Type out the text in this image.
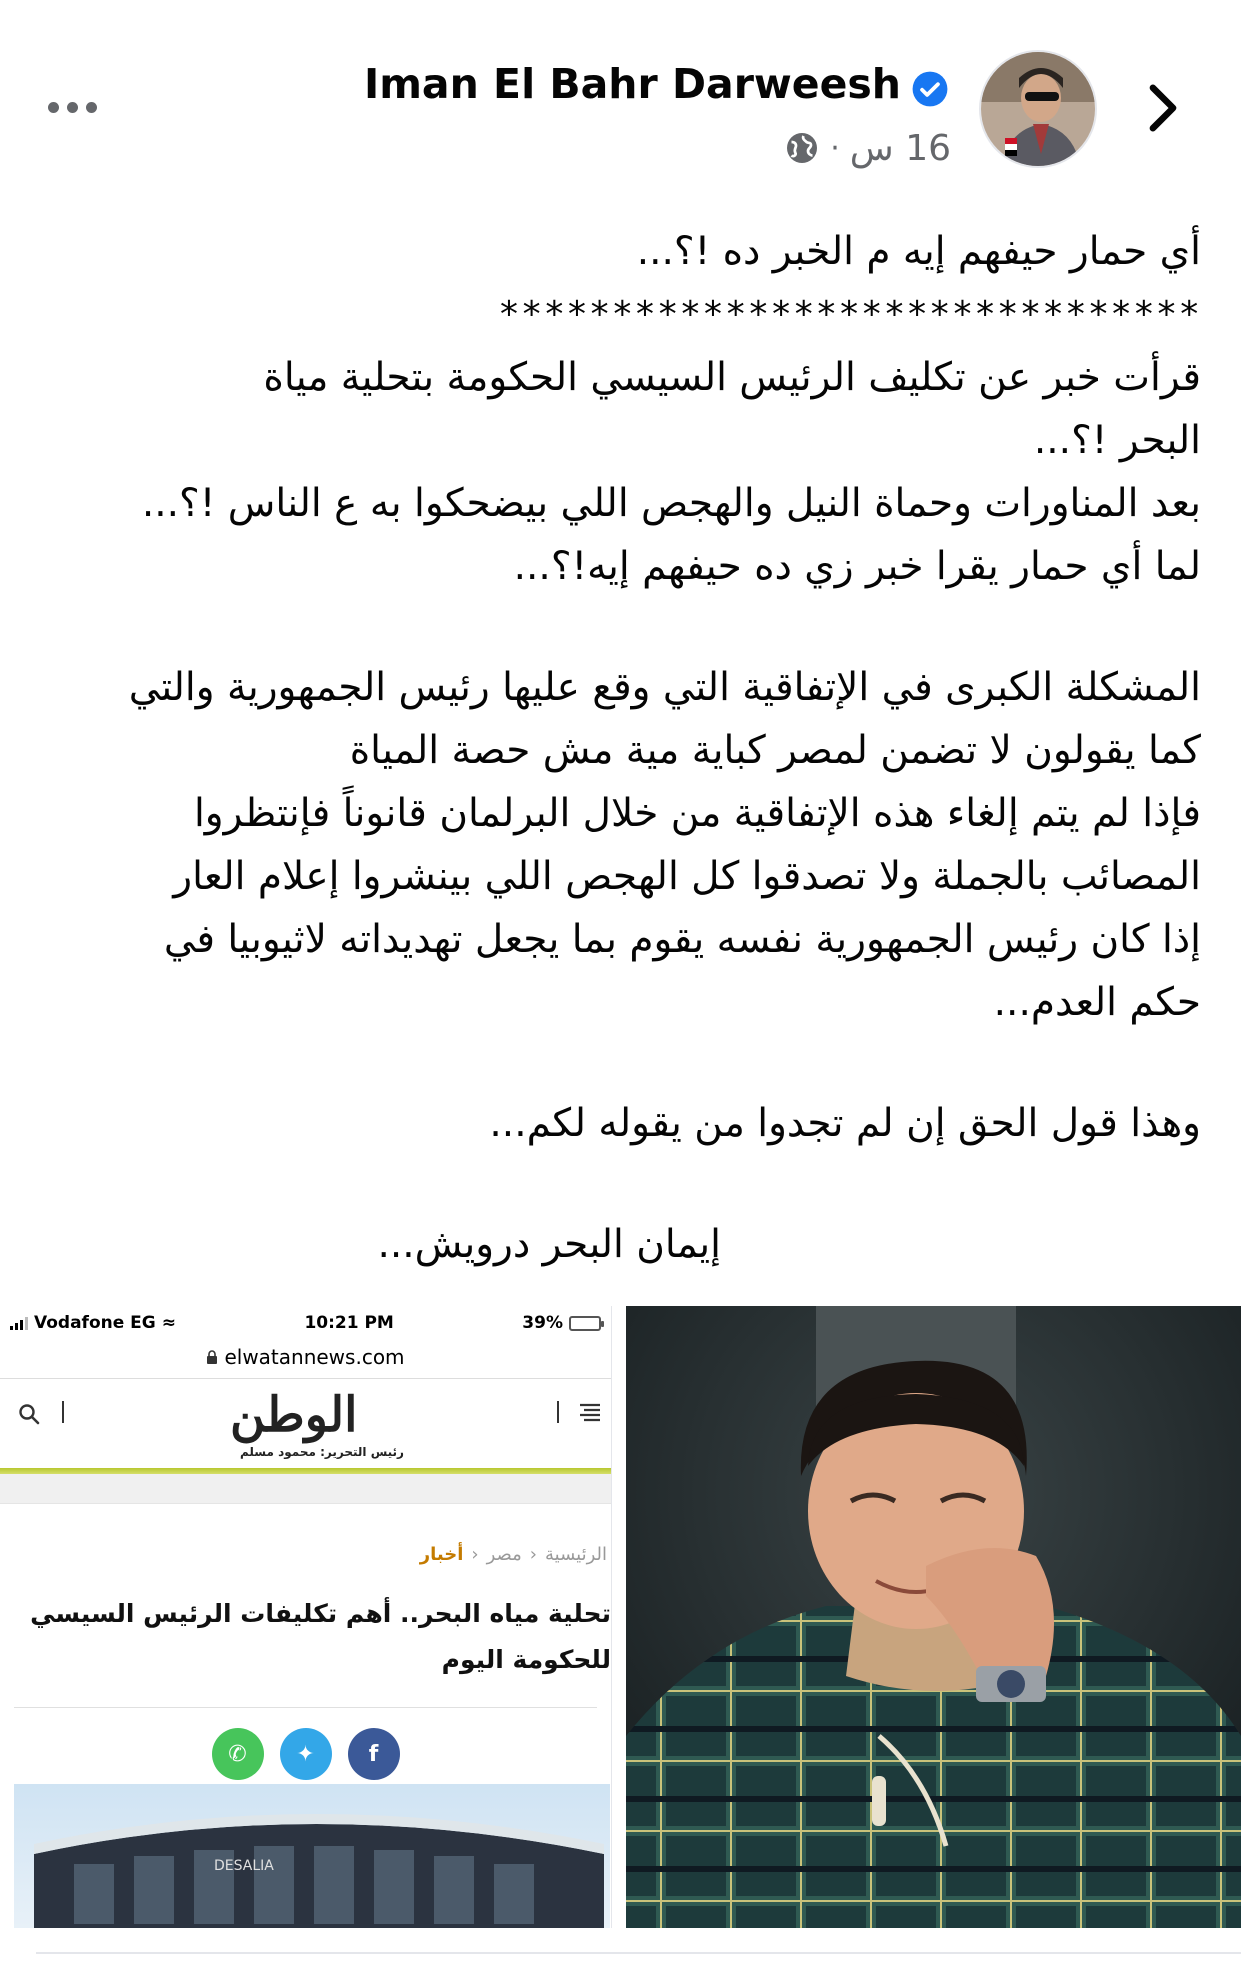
Iman El Bahr Darweesh
· 16 س

أي حمار حيفهم إيه م الخبر ده !؟...

*******************************

قرأت خبر عن تكليف الرئيس السيسي الحكومة بتحلية مياة

البحر !؟...

بعد المناورات وحماة النيل والهجص اللي بيضحكوا به ع الناس !؟...

لما أي حمار يقرا خبر زي ده حيفهم إيه!؟...

المشكلة الكبرى في الإتفاقية التي وقع عليها رئيس الجمهورية والتي

كما يقولون لا تضمن لمصر كباية مية مش حصة المياة

فإذا لم يتم إلغاء هذه الإتفاقية من خلال البرلمان قانوناً فإنتظروا

المصائب بالجملة ولا تصدقوا كل الهجص اللي بينشروا إعلام العار

إذا كان رئيس الجمهورية نفسه يقوم بما يجعل تهديداته لاثيوبيا في

حكم العدم...

وهذا قول الحق إن لم تجدوا من يقوله لكم...

إيمان البحر درويش...

Vodafone EG ≈	10:21 PM	39%
elwatannews.com
الوطن
رئيس التحرير: محمود مسلم
الرئيسية
‹
مصر
‹
أخبار
تحلية مياه البحر.. أهم تكليفات الرئيس السيسي
للحكومة اليوم
✆	✦	f
DESALIA
